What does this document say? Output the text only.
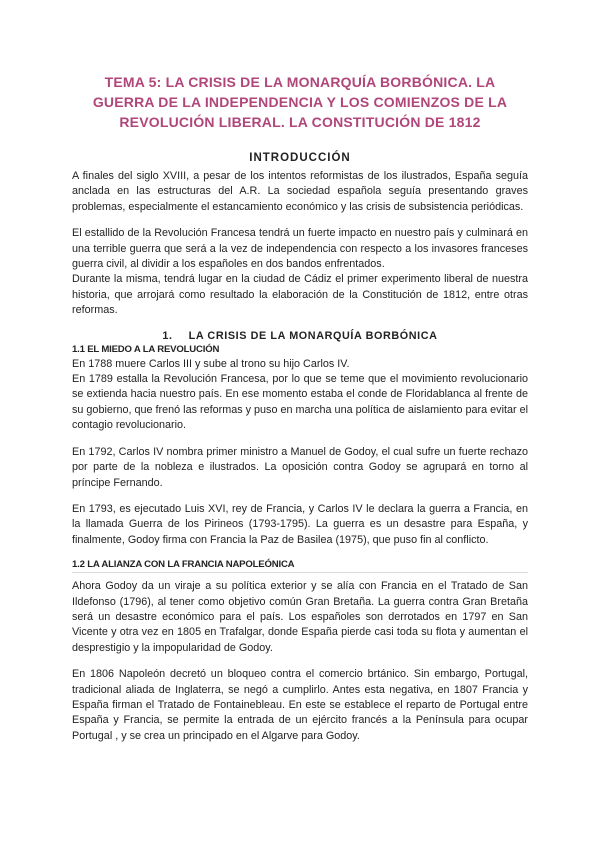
TEMA 5: LA CRISIS DE LA MONARQUÍA BORBÓNICA. LA GUERRA DE LA INDEPENDENCIA Y LOS COMIENZOS DE LA REVOLUCIÓN LIBERAL. LA CONSTITUCIÓN DE 1812
INTRODUCCIÓN

A finales del siglo XVIII, a pesar de los intentos reformistas de los ilustrados, España seguía anclada en las estructuras del A.R. La sociedad española seguía presentando graves problemas, especialmente el estancamiento económico y las crisis de subsistencia periódicas.

El estallido de la Revolución Francesa tendrá un fuerte impacto en nuestro país y culminará en una terrible guerra que será a la vez de independencia con respecto a los invasores franceses guerra civil, al dividir a los españoles en dos bandos enfrentados.

Durante la misma, tendrá lugar en la ciudad de Cádiz el primer experimento liberal de nuestra historia, que arrojará como resultado la elaboración de la Constitución de 1812, entre otras reformas.

1. LA CRISIS DE LA MONARQUÍA BORBÓNICA
1.1 EL MIEDO A LA REVOLUCIÓN

En 1788 muere Carlos III y sube al trono su hijo Carlos IV.

En 1789 estalla la Revolución Francesa, por lo que se teme que el movimiento revolucionario se extienda hacia nuestro país. En ese momento estaba el conde de Floridablanca al frente de su gobierno, que frenó las reformas y puso en marcha una política de aislamiento para evitar el contagio revolucionario.

En 1792, Carlos IV nombra primer ministro a Manuel de Godoy, el cual sufre un fuerte rechazo por parte de la nobleza e ilustrados. La oposición contra Godoy se agrupará en torno al príncipe Fernando.

En 1793, es ejecutado Luis XVI, rey de Francia, y Carlos IV le declara la guerra a Francia, en la llamada Guerra de los Pirineos (1793-1795). La guerra es un desastre para España, y finalmente, Godoy firma con Francia la Paz de Basilea (1975), que puso fin al conflicto.

1.2 LA ALIANZA CON LA FRANCIA NAPOLEÓNICA

Ahora Godoy da un viraje a su política exterior y se alía con Francia en el Tratado de San Ildefonso (1796), al tener como objetivo común Gran Bretaña. La guerra contra Gran Bretaña será un desastre económico para el país. Los españoles son derrotados en 1797 en San Vicente y otra vez en 1805 en Trafalgar, donde España pierde casi toda su flota y aumentan el desprestigio y la impopularidad de Godoy.

En 1806 Napoleón decretó un bloqueo contra el comercio brtánico. Sin embargo, Portugal, tradicional aliada de Inglaterra, se negó a cumplirlo. Antes esta negativa, en 1807 Francia y España firman el Tratado de Fontainebleau. En este se establece el reparto de Portugal entre España y Francia, se permite la entrada de un ejército francés a la Península para ocupar Portugal , y se crea un principado en el Algarve para Godoy.
